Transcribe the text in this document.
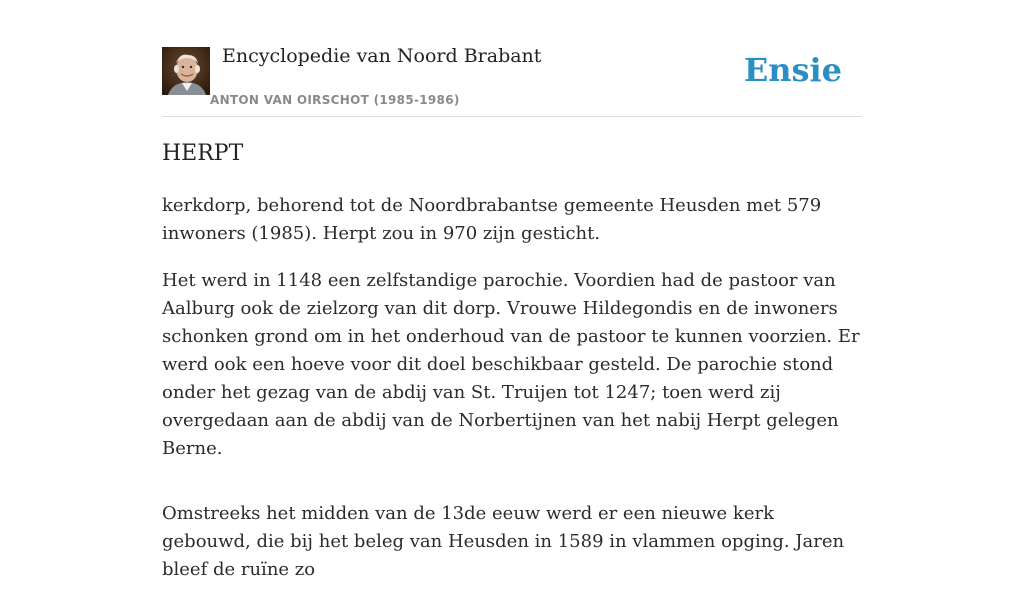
Encyclopedie van Noord Brabant
ANTON VAN OIRSCHOT (1985-1986)
Ensie
HERPT

kerkdorp, behorend tot de Noordbrabantse gemeente Heusden met 579 inwoners (1985). Herpt zou in 970 zijn gesticht.

Het werd in 1148 een zelfstandige parochie. Voordien had de pastoor van Aalburg ook de zielzorg van dit dorp. Vrouwe Hildegondis en de inwoners schonken grond om in het onderhoud van de pastoor te kunnen voorzien. Er werd ook een hoeve voor dit doel beschikbaar gesteld. De parochie stond onder het gezag van de abdij van St. Truijen tot 1247; toen werd zij overgedaan aan de abdij van de Norbertijnen van het nabij Herpt gelegen Berne.

Omstreeks het midden van de 13de eeuw werd er een nieuwe kerk gebouwd, die bij het beleg van Heusden in 1589 in vlammen opging. Jaren bleef de ruïne zo
